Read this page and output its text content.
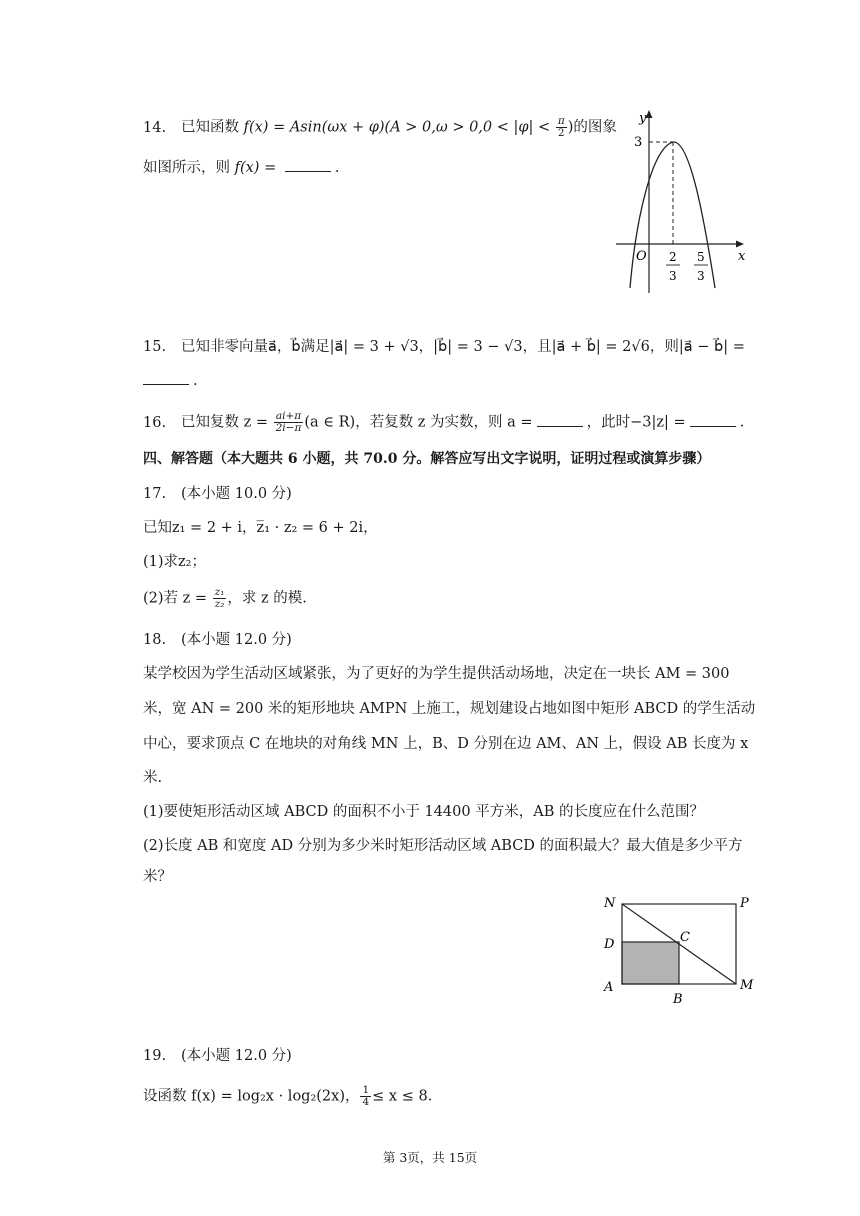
14. 已知函数 $f(x) = Asin(\omega x + \varphi)(A > 0,\omega > 0,0 < |\varphi| < \frac{\pi}{2}$ )的图象
如图所示，则 f(x) =	.
y
x
O
3
2
3
5
3
15. 已知非零向量a⃗，b⃗满足|a⃗| = 3 + √3，|b⃗| = 3 − √3，且|a⃗ + b⃗| = 2√6，则|a⃗ − b⃗| =
.
16. 已知复数 $z = \frac{ai+\pi}{2i-\pi} (a$ ∈ R)，若复数 z 为实数，则 a =	，此时−3|z| =	.
四、解答题（本大题共 6 小题，共 70.0 分。解答应写出文字说明，证明过程或演算步骤）
17. (本小题 10.0 分)
已知z₁ = 2 + i，z̅₁ · z₂ = 6 + 2i，
(1)求z₂；
(2)若 $z = \frac{\text{z₁}}{\text{z₂}}$ ，求 z 的模.
18. (本小题 12.0 分)
某学校因为学生活动区域紧张，为了更好的为学生提供活动场地，决定在一块长 AM = 300
米，宽 AN = 200 米的矩形地块 AMPN 上施工，规划建设占地如图中矩形 ABCD 的学生活动
中心，要求顶点 C 在地块的对角线 MN 上，B、D 分别在边 AM、AN 上，假设 AB 长度为 x
米.
(1)要使矩形活动区域 ABCD 的面积不小于 14400 平方米，AB 的长度应在什么范围？
(2)长度 AB 和宽度 AD 分别为多少米时矩形活动区域 ABCD 的面积最大？最大值是多少平方
米？
N	P
D	C
A
B
M
19. (本小题 12.0 分)
设函数 f(x) = log₂x · log₂(2x)， $\frac{1}{4} \le x \le 8$.
第 3页，共 15页
